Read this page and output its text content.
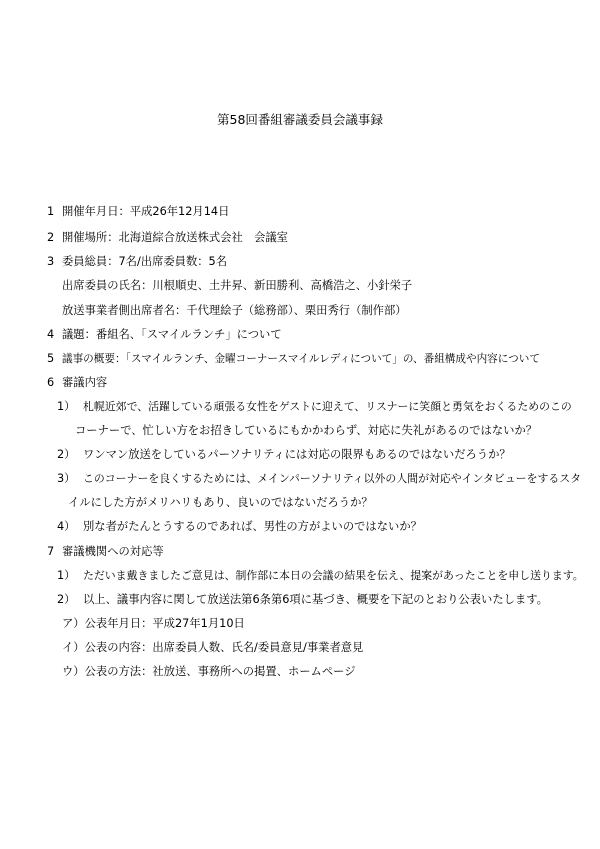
第58回番組審議委員会議事録
1 開催年月日：平成26年12月14日
2 開催場所：北海道綜合放送株式会社　会議室
3 委員総員：7名/出席委員数：5名
出席委員の氏名：川根順史、土井昇、新田勝利、高橋浩之、小針栄子
放送事業者側出席者名：千代理絵子（総務部）、栗田秀行（制作部）
4 議題：番組名、「スマイルランチ」について
5 議事の概要：「スマイルランチ、金曜コーナースマイルレディについて」の、番組構成や内容について
6 審議内容
1） 札幌近郊で、活躍している頑張る女性をゲストに迎えて、リスナーに笑顔と勇気をおくるためのこの
コーナーで、忙しい方をお招きしているにもかかわらず、対応に失礼があるのではないか？
2） ワンマン放送をしているパーソナリティには対応の限界もあるのではないだろうか？
3） このコーナーを良くするためには、メインパーソナリティ以外の人間が対応やインタビューをするスタ
イルにした方がメリハリもあり、良いのではないだろうか？
4） 別な者がたんとうするのであれば、男性の方がよいのではないか？
7 審議機関への対応等
1） ただいま戴きましたご意見は、制作部に本日の会議の結果を伝え、提案があったことを申し送ります。
2） 以上、議事内容に関して放送法第6条第6項に基づき、概要を下記のとおり公表いたします。
ア）公表年月日：平成27年1月10日
イ）公表の内容：出席委員人数、氏名/委員意見/事業者意見
ウ）公表の方法：社放送、事務所への掲置、ホームページ
